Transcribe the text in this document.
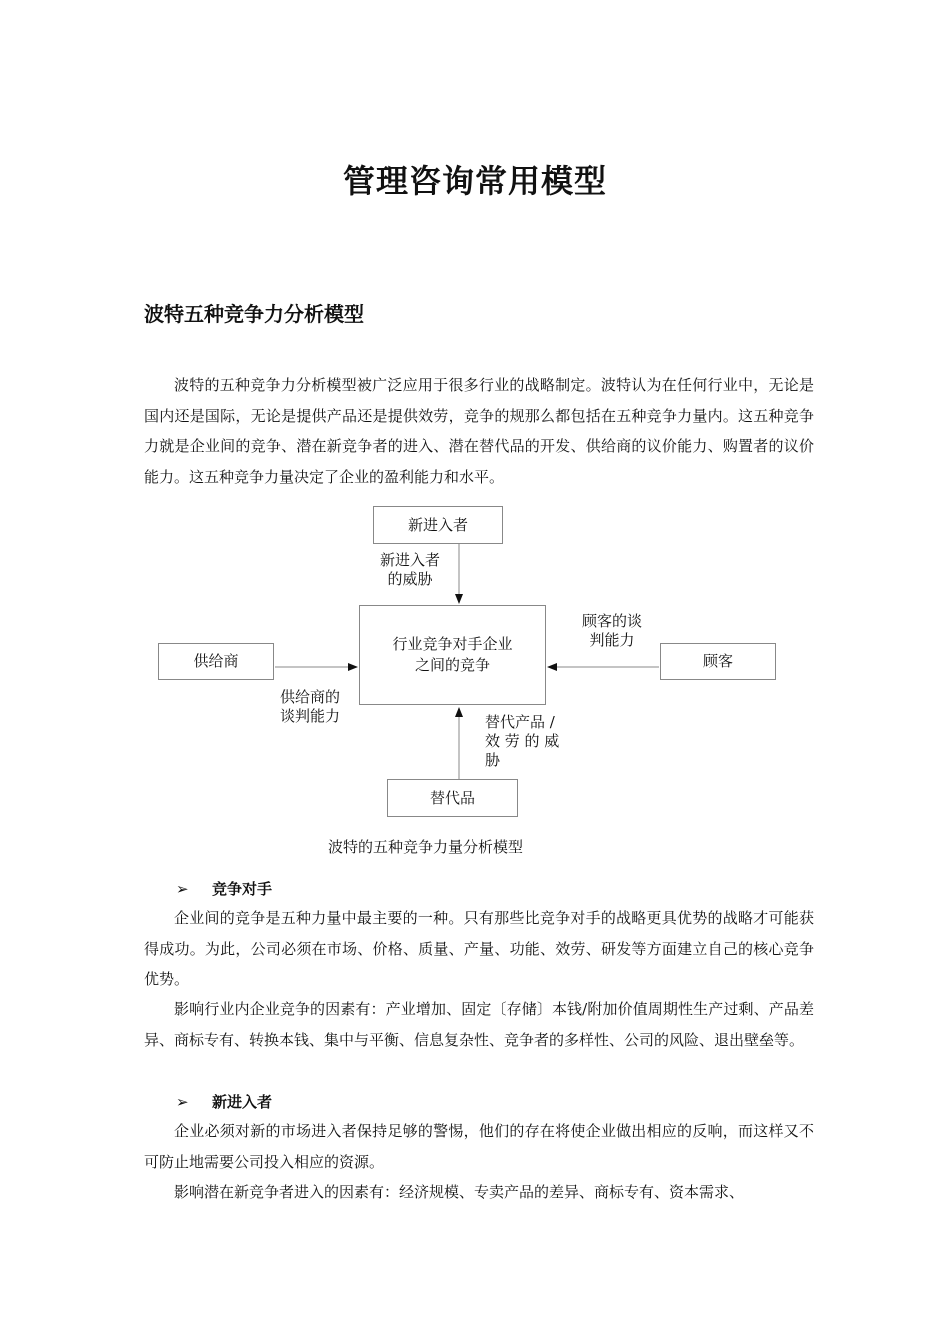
管理咨询常用模型
波特五种竞争力分析模型

波特的五种竞争力分析模型被广泛应用于很多行业的战略制定。波特认为在任何行业中，无论是国内还是国际，无论是提供产品还是提供效劳，竞争的规那么都包括在五种竞争力量内。这五种竞争力就是企业间的竞争、潜在新竞争者的进入、潜在替代品的开发、供给商的议价能力、购置者的议价能力。这五种竞争力量决定了企业的盈利能力和水平。

新进入者
行业竞争对手企业
之间的竞争
供给商	顾客
替代品
新进入者
的威胁
顾客的谈
判能力
供给商的
谈判能力	替代产品 /
效 劳 的 威
胁
波特的五种竞争力量分析模型
➢ 竞争对手

企业间的竞争是五种力量中最主要的一种。只有那些比竞争对手的战略更具优势的战略才可能获得成功。为此，公司必须在市场、价格、质量、产量、功能、效劳、研发等方面建立自己的核心竞争优势。

影响行业内企业竞争的因素有：产业增加、固定〔存储〕本钱/附加价值周期性生产过剩、产品差异、商标专有、转换本钱、集中与平衡、信息复杂性、竞争者的多样性、公司的风险、退出壁垒等。

➢ 新进入者

企业必须对新的市场进入者保持足够的警惕，他们的存在将使企业做出相应的反响，而这样又不可防止地需要公司投入相应的资源。

影响潜在新竞争者进入的因素有：经济规模、专卖产品的差异、商标专有、资本需求、
